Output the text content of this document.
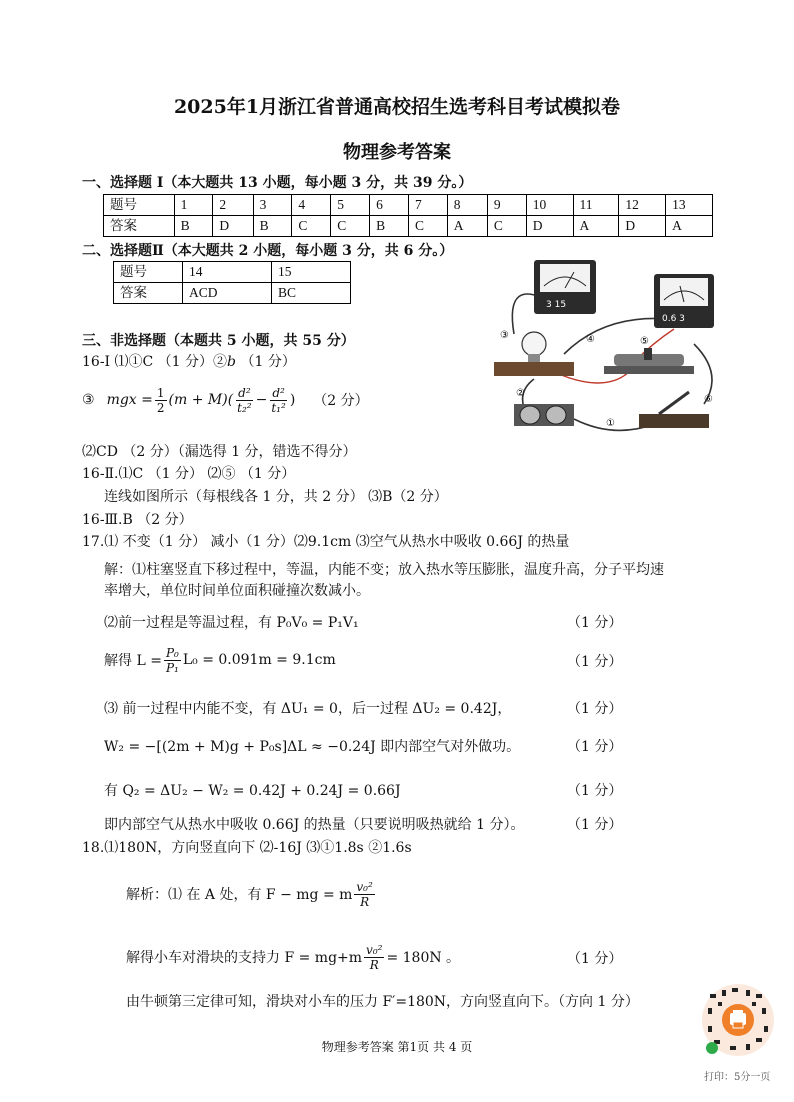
2025年1月浙江省普通高校招生选考科目考试模拟卷
物理参考答案
一、选择题 Ⅰ（本大题共 13 小题，每小题 3 分，共 39 分。）
题号	1	2	3	4	5	6	7	8	9	10	11	12	13
答案	B	D	B	C	C	B	C	A	C	D	A	D	A
二、选择题Ⅱ（本大题共 2 小题，每小题 3 分，共 6 分。）
题号	14	15
答案	ACD	BC
3 15
0.6 3
③	④	⑤
②
①
⑥
三、非选择题（本题共 5 小题，共 55 分）
16-Ⅰ ⑴①C （1 分）②b （1 分）
③ mgx = $\frac{1}{2} (m + M)( \frac{\text{d²}}{\text{t₂²}} - \frac{\text{d²}}{\text{t₁²}}$ ) （2 分）
⑵CD （2 分）（漏选得 1 分，错选不得分）
16-Ⅱ.⑴C （1 分） ⑵⑤ （1 分）
连线如图所示（每根线各 1 分，共 2 分） ⑶B（2 分）
16-Ⅲ.B （2 分）
17.⑴ 不变（1 分） 减小（1 分）⑵9.1cm ⑶空气从热水中吸收 0.66J 的热量
解：⑴柱塞竖直下移过程中，等温，内能不变；放入热水等压膨胀，温度升高，分子平均速
率增大，单位时间单位面积碰撞次数减小。
⑵前一过程是等温过程，有 P₀V₀ = P₁V₁	（1 分）
解得 $L = \frac{\text{P₀}}{\text{P₁}} L_0 = 0.091m = 9.1cm$	（1 分）
⑶ 前一过程中内能不变，有 ΔU₁ = 0，后一过程 ΔU₂ = 0.42J，	（1 分）
W₂ = −[(2m + M)g + P₀s]ΔL ≈ −0.24J 即内部空气对外做功。	（1 分）
有 Q₂ = ΔU₂ − W₂ = 0.42J + 0.24J = 0.66J	（1 分）
即内部空气从热水中吸收 0.66J 的热量（只要说明吸热就给 1 分）。	（1 分）
18.⑴180N，方向竖直向下 ⑵-16J ⑶①1.8s ②1.6s
解析：⑴ 在 A 处，有 F − mg = m $\frac{\text{v₀²}}{R}$
解得小车对滑块的支持力 $F = mg+m \frac{\text{v₀²}}{R} = 180N$ 。	（1 分）
由牛顿第三定律可知，滑块对小车的压力 F′=180N，方向竖直向下。（方向 1 分）
物理参考答案 第1页 共 4 页
打印：5分一页
